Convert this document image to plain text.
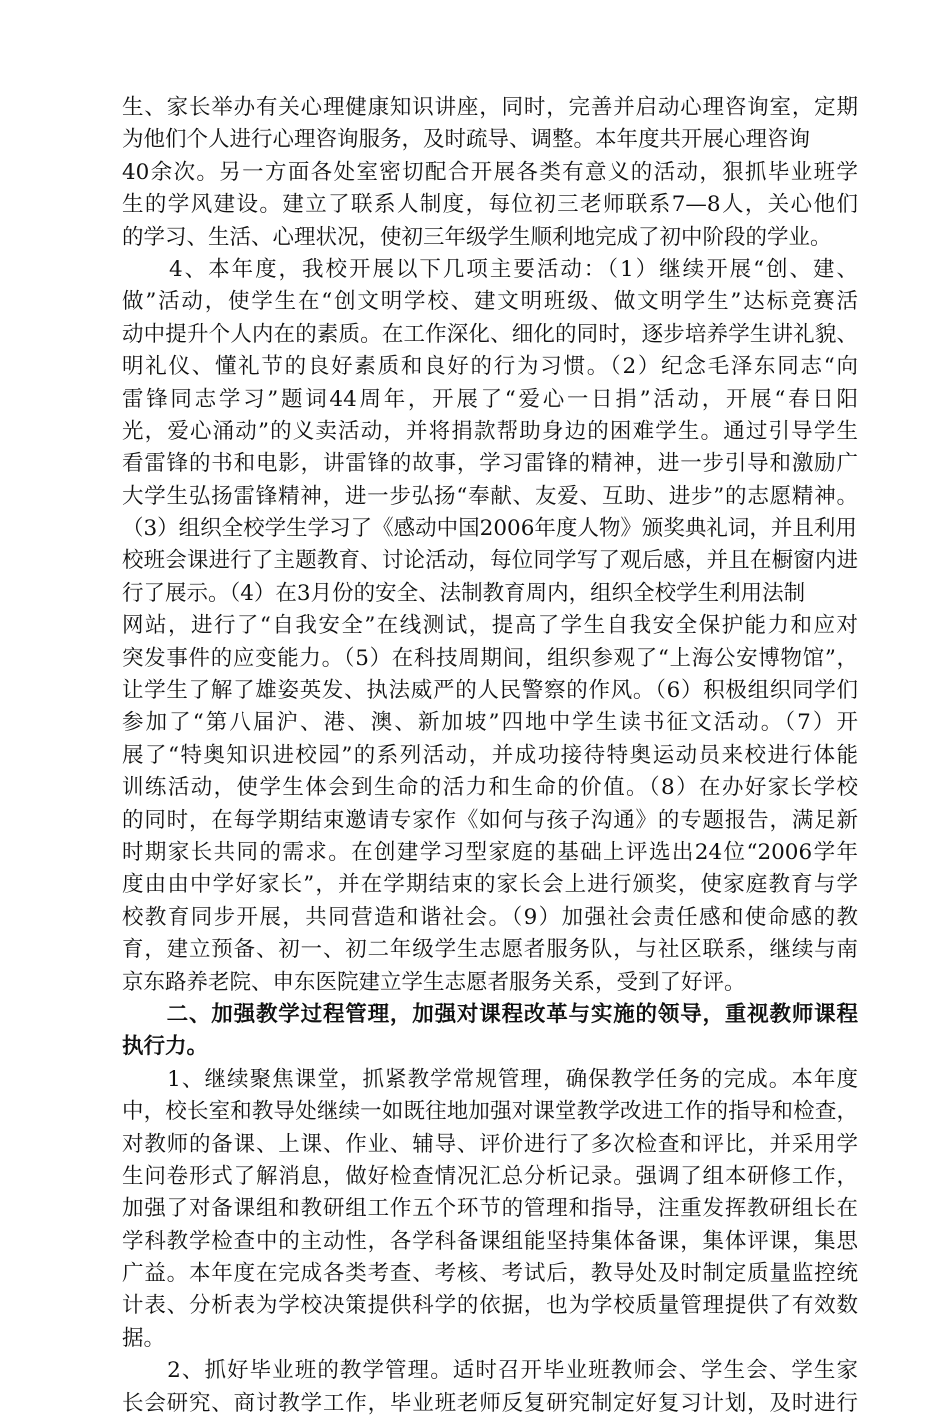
生、家长举办有关心理健康知识讲座，同时，完善并启动心理咨询室，定期
为他们个人进行心理咨询服务，及时疏导、调整。本年度共开展心理咨询
40余次。另一方面各处室密切配合开展各类有意义的活动，狠抓毕业班学
生的学风建设。建立了联系人制度，每位初三老师联系7—8人，关心他们
的学习、生活、心理状况，使初三年级学生顺利地完成了初中阶段的学业。
　　4、本年度，我校开展以下几项主要活动：（1）继续开展“创、建、
做”活动，使学生在“创文明学校、建文明班级、做文明学生”达标竞赛活
动中提升个人内在的素质。在工作深化、细化的同时，逐步培养学生讲礼貌、
明礼仪、懂礼节的良好素质和良好的行为习惯。（2）纪念毛泽东同志“向
雷锋同志学习”题词44周年，开展了“爱心一日捐”活动，开展“春日阳
光，爱心涌动”的义卖活动，并将捐款帮助身边的困难学生。通过引导学生
看雷锋的书和电影，讲雷锋的故事，学习雷锋的精神，进一步引导和激励广
大学生弘扬雷锋精神，进一步弘扬“奉献、友爱、互助、进步”的志愿精神。
（3）组织全校学生学习了《感动中国2006年度人物》颁奖典礼词，并且利用
校班会课进行了主题教育、讨论活动，每位同学写了观后感，并且在橱窗内进
行了展示。（4）在3月份的安全、法制教育周内，组织全校学生利用法制
网站，进行了“自我安全”在线测试，提高了学生自我安全保护能力和应对
突发事件的应变能力。（5）在科技周期间，组织参观了“上海公安博物馆”，
让学生了解了雄姿英发、执法威严的人民警察的作风。（6）积极组织同学们
参加了“第八届沪、港、澳、新加坡”四地中学生读书征文活动。（7）开
展了“特奥知识进校园”的系列活动，并成功接待特奥运动员来校进行体能
训练活动，使学生体会到生命的活力和生命的价值。（8）在办好家长学校
的同时，在每学期结束邀请专家作《如何与孩子沟通》的专题报告，满足新
时期家长共同的需求。在创建学习型家庭的基础上评选出24位“2006学年
度由由中学好家长”，并在学期结束的家长会上进行颁奖，使家庭教育与学
校教育同步开展，共同营造和谐社会。（9）加强社会责任感和使命感的教
育，建立预备、初一、初二年级学生志愿者服务队，与社区联系，继续与南
京东路养老院、申东医院建立学生志愿者服务关系，受到了好评。
　　二、加强教学过程管理，加强对课程改革与实施的领导，重视教师课程
执行力。
　　1、继续聚焦课堂，抓紧教学常规管理，确保教学任务的完成。本年度
中，校长室和教导处继续一如既往地加强对课堂教学改进工作的指导和检查，
对教师的备课、上课、作业、辅导、评价进行了多次检查和评比，并采用学
生问卷形式了解消息，做好检查情况汇总分析记录。强调了组本研修工作，
加强了对备课组和教研组工作五个环节的管理和指导，注重发挥教研组长在
学科教学检查中的主动性，各学科备课组能坚持集体备课，集体评课，集思
广益。本年度在完成各类考查、考核、考试后，教导处及时制定质量监控统
计表、分析表为学校决策提供科学的依据，也为学校质量管理提供了有效数
据。
　　2、抓好毕业班的教学管理。适时召开毕业班教师会、学生会、学生家
长会研究、商讨教学工作，毕业班老师反复研究制定好复习计划，及时进行
